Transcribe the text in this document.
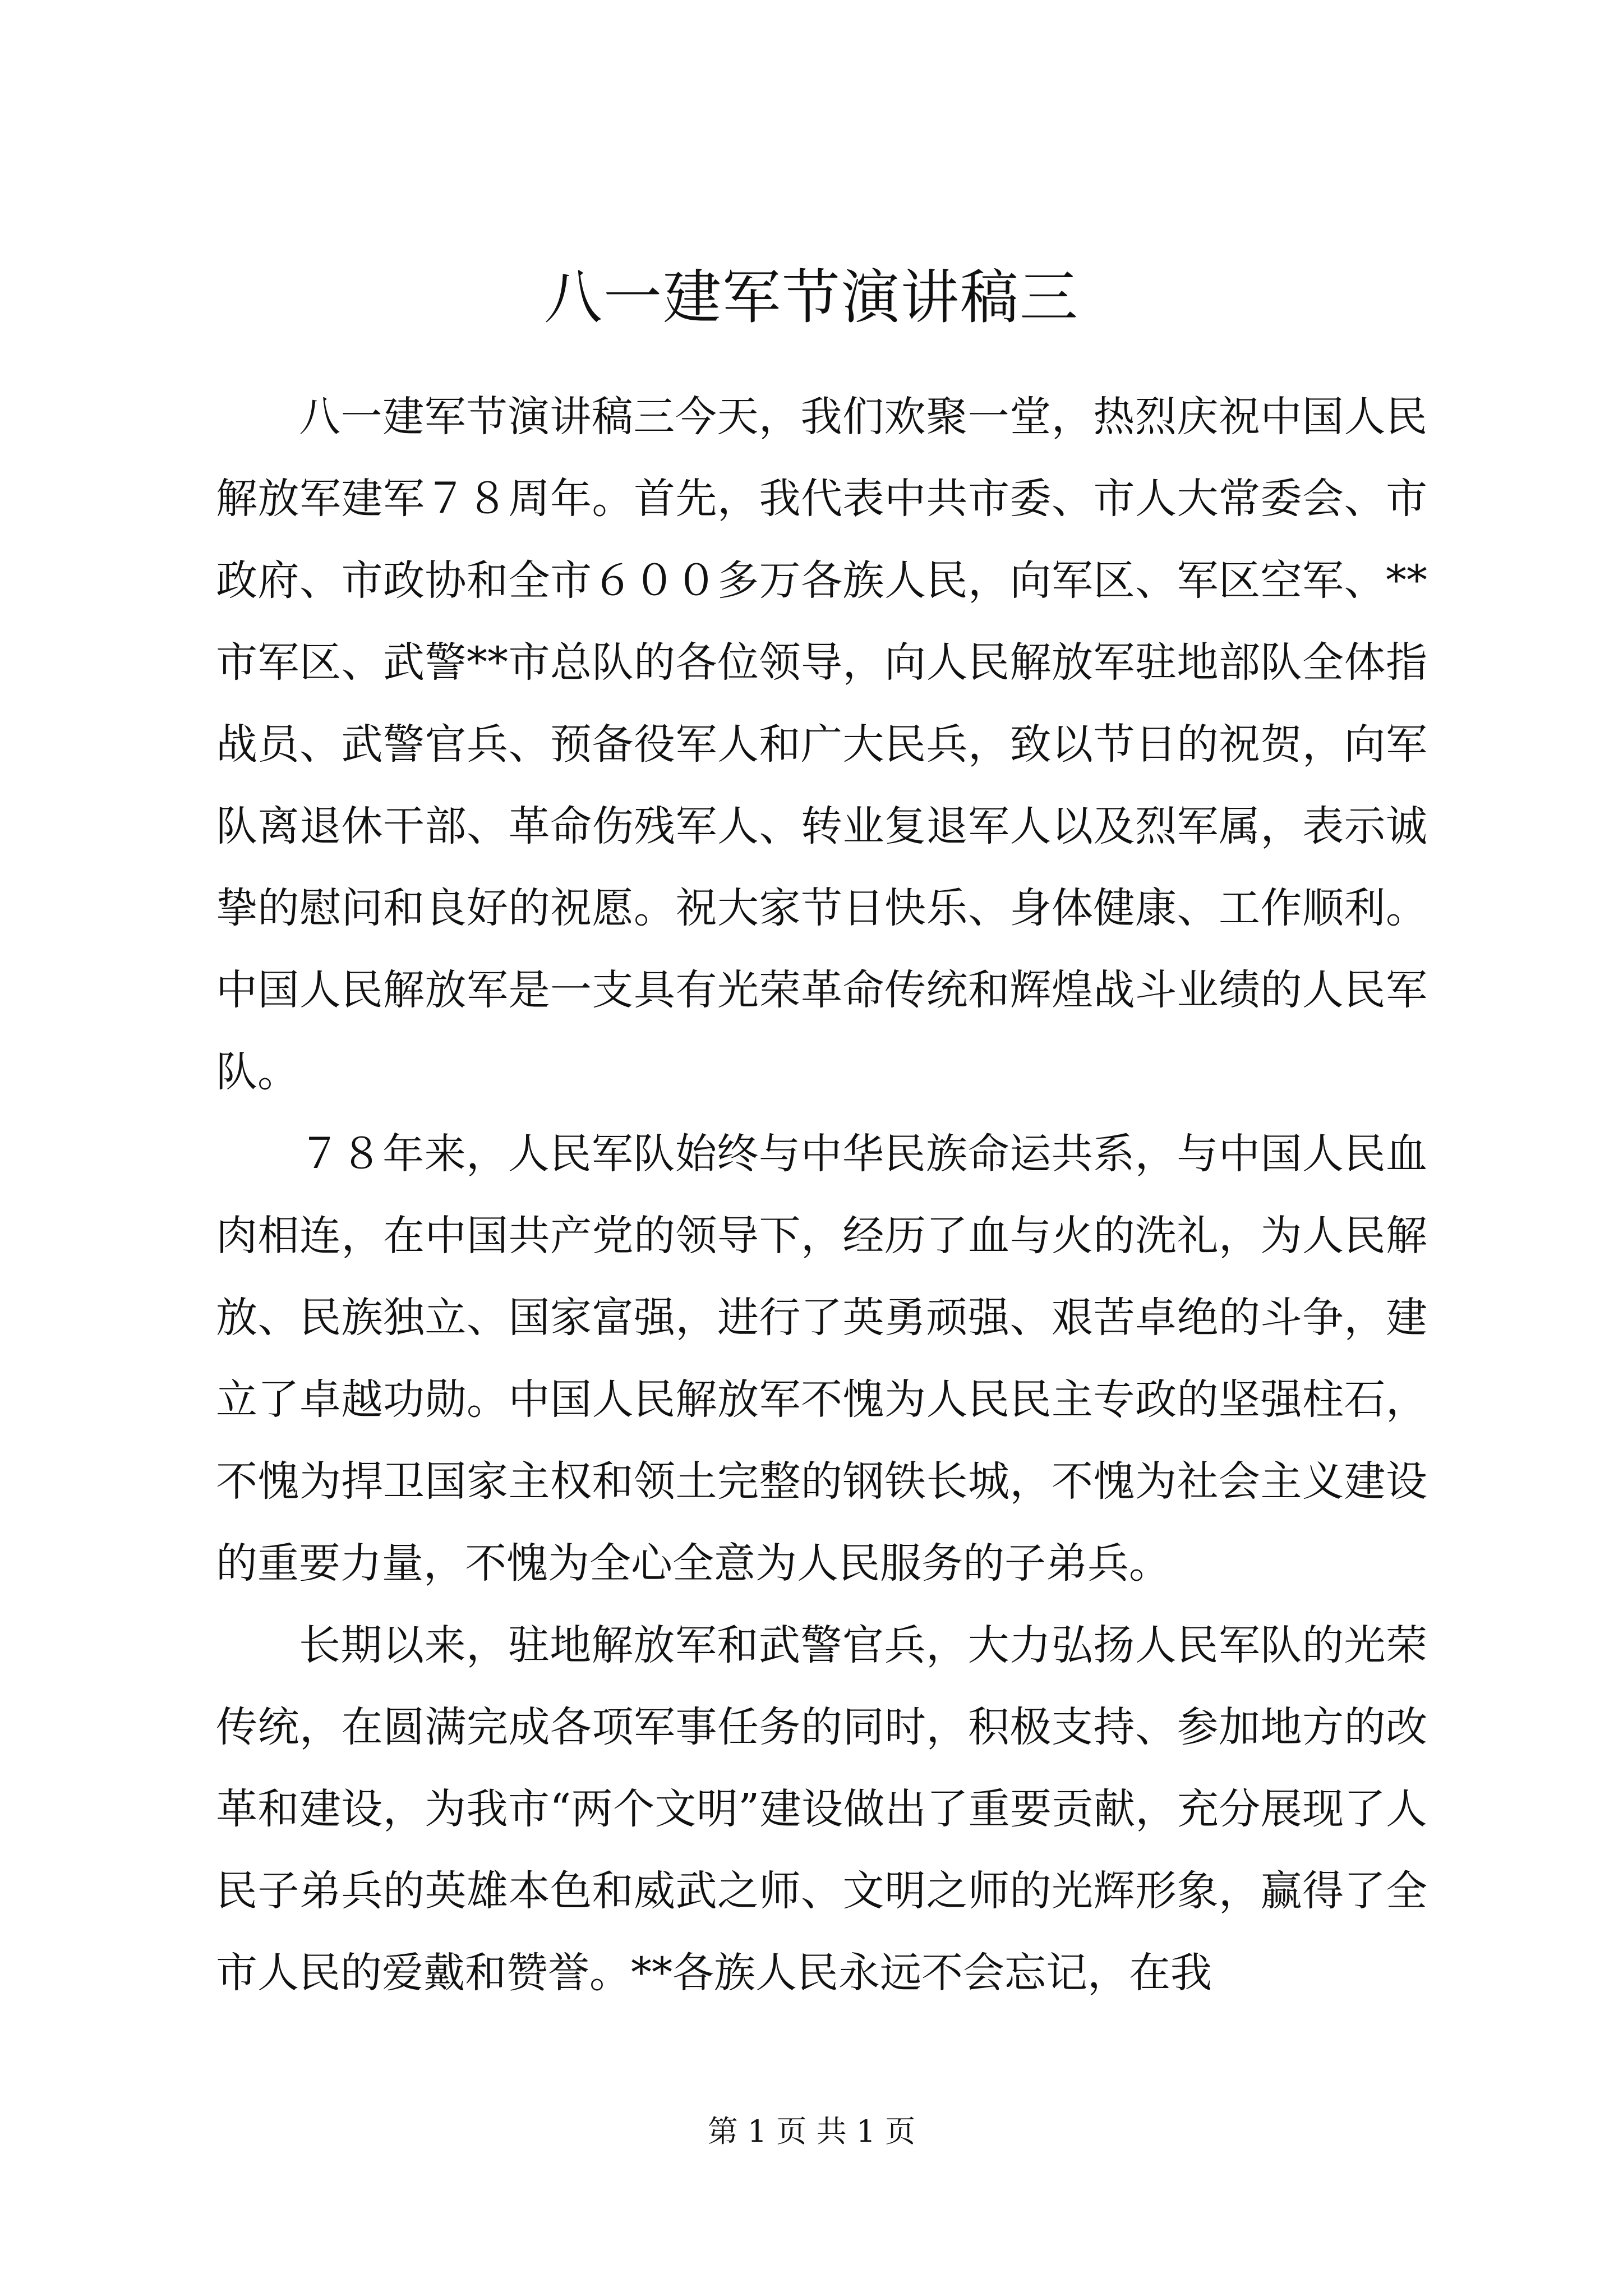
八一建军节演讲稿三

八一建军节演讲稿三今天，我们欢聚一堂，热烈庆祝中国人民解放军建军７８周年。首先，我代表中共市委、市人大常委会、市政府、市政协和全市６００多万各族人民，向军区、军区空军、**市军区、武警**市总队的各位领导，向人民解放军驻地部队全体指战员、武警官兵、预备役军人和广大民兵，致以节日的祝贺，向军队离退休干部、革命伤残军人、转业复退军人以及烈军属，表示诚挚的慰问和良好的祝愿。祝大家节日快乐、身体健康、工作顺利。中国人民解放军是一支具有光荣革命传统和辉煌战斗业绩的人民军队。

７８年来，人民军队始终与中华民族命运共系，与中国人民血肉相连，在中国共产党的领导下，经历了血与火的洗礼，为人民解放、民族独立、国家富强，进行了英勇顽强、艰苦卓绝的斗争，建立了卓越功勋。中国人民解放军不愧为人民民主专政的坚强柱石，不愧为捍卫国家主权和领土完整的钢铁长城，不愧为社会主义建设的重要力量，不愧为全心全意为人民服务的子弟兵。

长期以来，驻地解放军和武警官兵，大力弘扬人民军队的光荣传统，在圆满完成各项军事任务的同时，积极支持、参加地方的改革和建设，为我市“两个文明”建设做出了重要贡献，充分展现了人民子弟兵的英雄本色和威武之师、文明之师的光辉形象，赢得了全市人民的爱戴和赞誉。**各族人民永远不会忘记，在我

第 1 页 共 1 页
